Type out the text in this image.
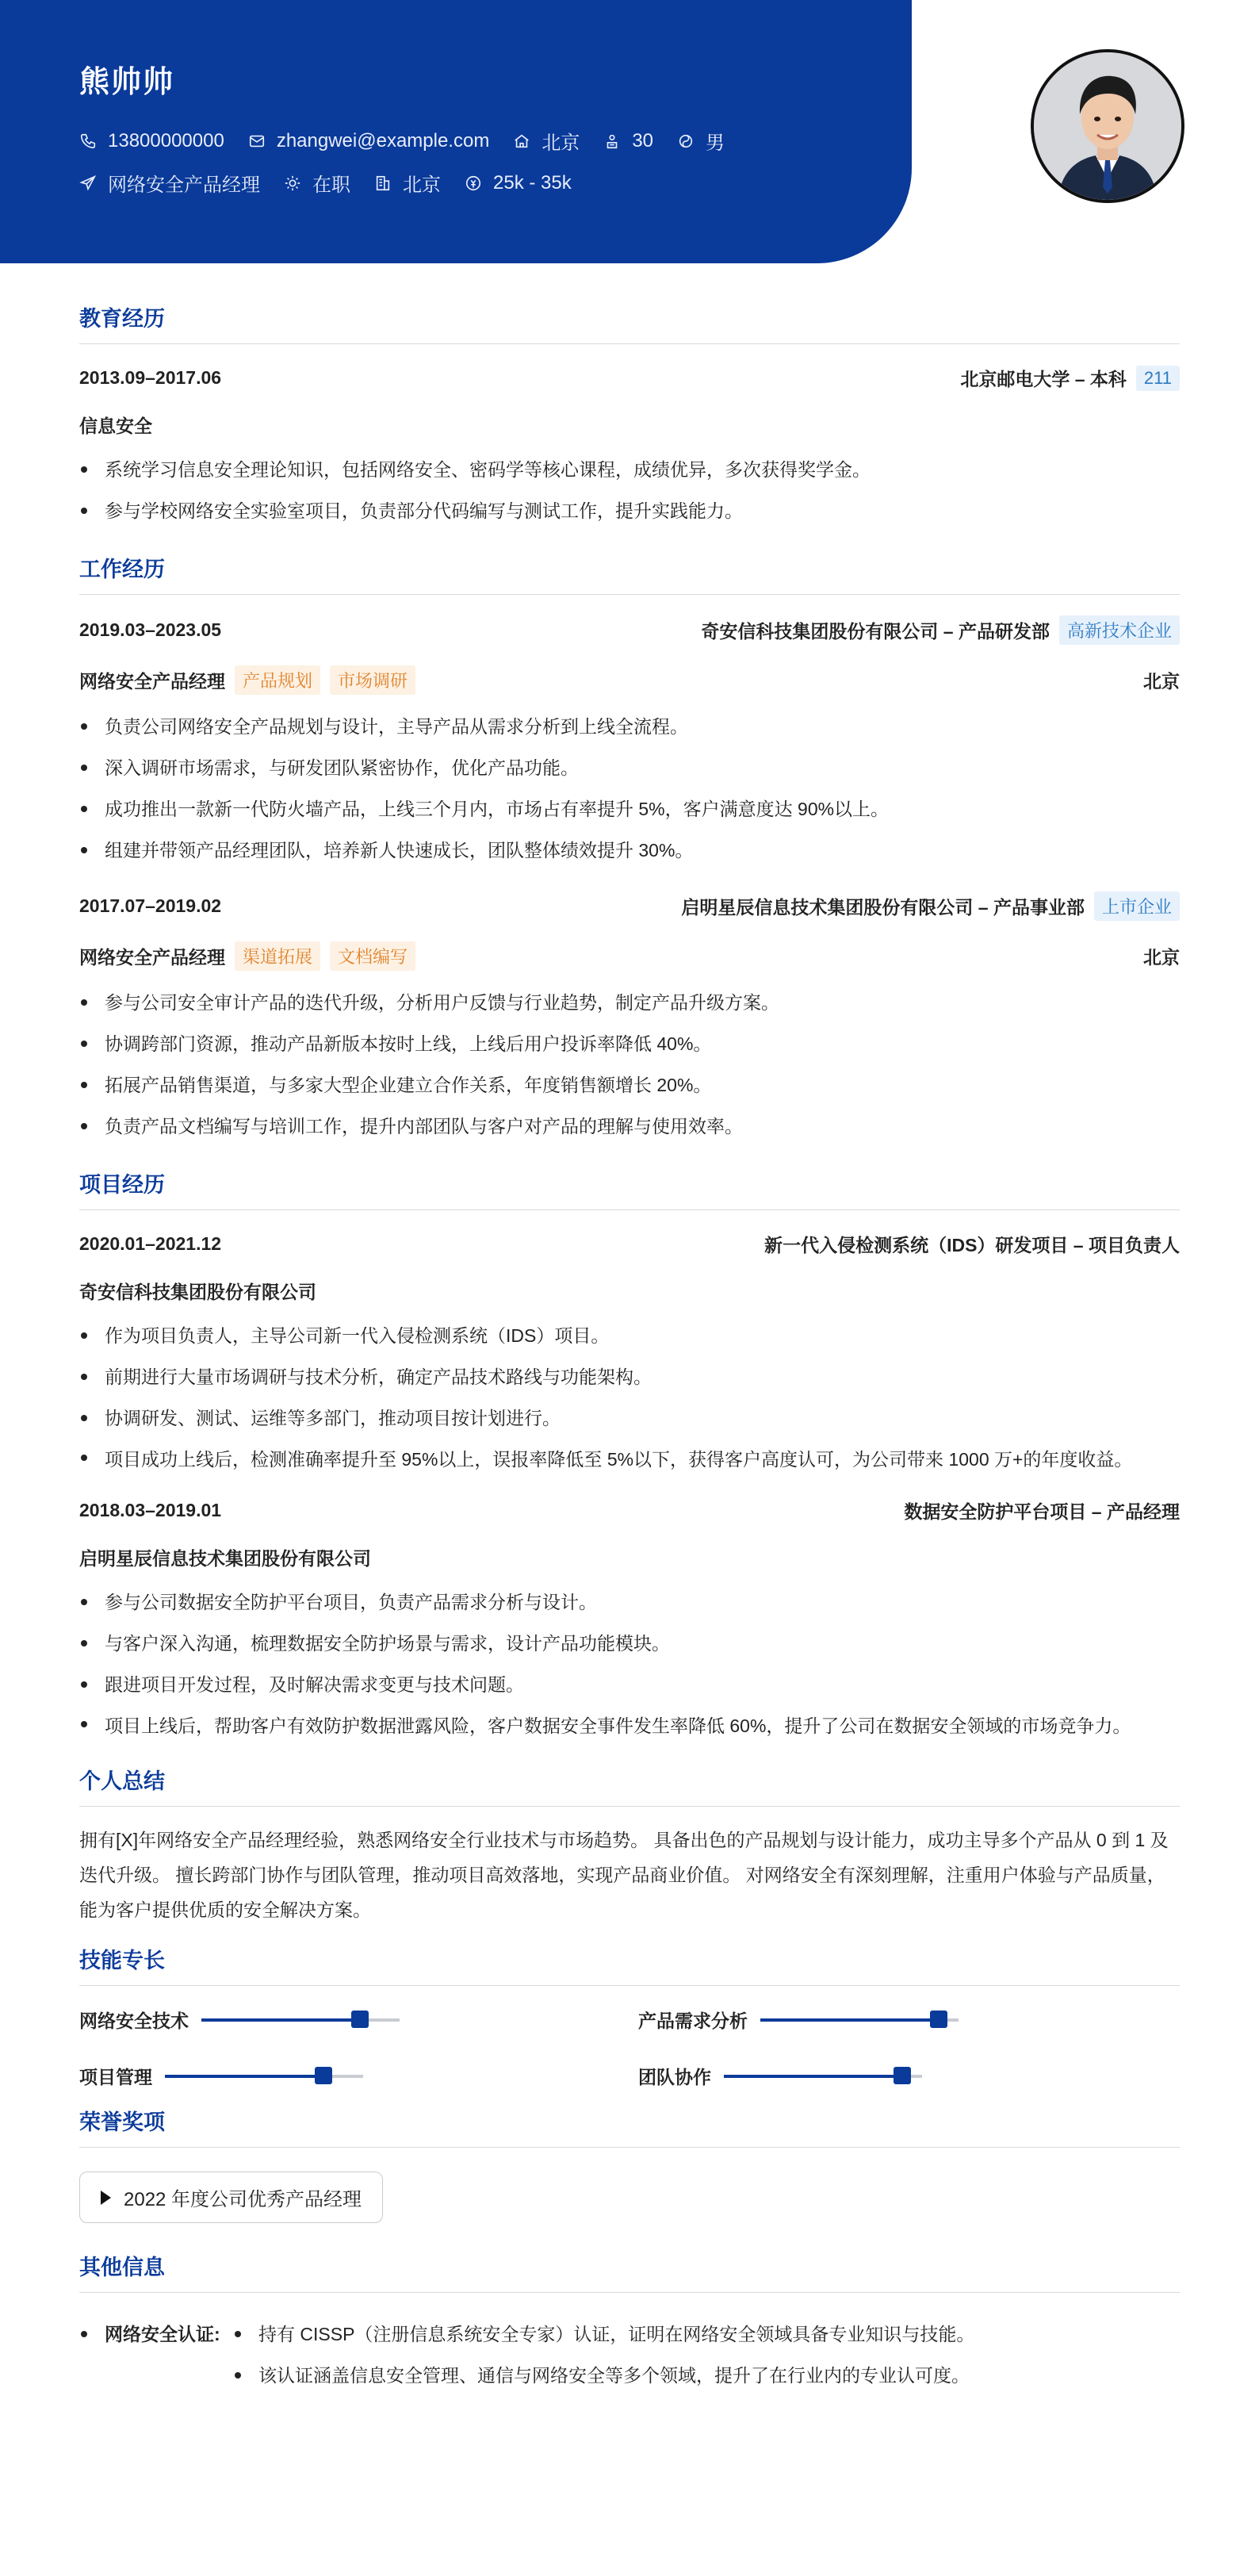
熊帅帅
13800000000	zhangwei@example.com	北京	30	男
网络安全产品经理	在职	北京	25k - 35k
教育经历
2013.09–2017.06	北京邮电大学 – 本科	211
信息安全
系统学习信息安全理论知识，包括网络安全、密码学等核心课程，成绩优异，多次获得奖学金。
参与学校网络安全实验室项目，负责部分代码编写与测试工作，提升实践能力。
工作经历
2019.03–2023.05	奇安信科技集团股份有限公司 – 产品研发部	高新技术企业
网络安全产品经理	产品规划	市场调研	北京
负责公司网络安全产品规划与设计，主导产品从需求分析到上线全流程。
深入调研市场需求，与研发团队紧密协作，优化产品功能。
成功推出一款新一代防火墙产品，上线三个月内，市场占有率提升 5%，客户满意度达 90%以上。
组建并带领产品经理团队，培养新人快速成长，团队整体绩效提升 30%。
2017.07–2019.02	启明星辰信息技术集团股份有限公司 – 产品事业部	上市企业
网络安全产品经理	渠道拓展	文档编写	北京
参与公司安全审计产品的迭代升级，分析用户反馈与行业趋势，制定产品升级方案。
协调跨部门资源，推动产品新版本按时上线，上线后用户投诉率降低 40%。
拓展产品销售渠道，与多家大型企业建立合作关系，年度销售额增长 20%。
负责产品文档编写与培训工作，提升内部团队与客户对产品的理解与使用效率。
项目经历
2020.01–2021.12	新一代入侵检测系统（IDS）研发项目 – 项目负责人
奇安信科技集团股份有限公司
作为项目负责人，主导公司新一代入侵检测系统（IDS）项目。
前期进行大量市场调研与技术分析，确定产品技术路线与功能架构。
协调研发、测试、运维等多部门，推动项目按计划进行。
项目成功上线后，检测准确率提升至 95%以上，误报率降低至 5%以下，获得客户高度认可，为公司带来 1000 万+的年度收益。
2018.03–2019.01	数据安全防护平台项目 – 产品经理
启明星辰信息技术集团股份有限公司
参与公司数据安全防护平台项目，负责产品需求分析与设计。
与客户深入沟通，梳理数据安全防护场景与需求，设计产品功能模块。
跟进项目开发过程，及时解决需求变更与技术问题。
项目上线后，帮助客户有效防护数据泄露风险，客户数据安全事件发生率降低 60%，提升了公司在数据安全领域的市场竞争力。
个人总结
拥有[X]年网络安全产品经理经验，熟悉网络安全行业技术与市场趋势。 具备出色的产品规划与设计能力，成功主导多个产品从 0 到 1 及迭代升级。 擅长跨部门协作与团队管理，推动项目高效落地，实现产品商业价值。 对网络安全有深刻理解，注重用户体验与产品质量，能为客户提供优质的安全解决方案。
技能专长
网络安全技术	产品需求分析
项目管理	团队协作
荣誉奖项
2022 年度公司优秀产品经理
其他信息
网络安全认证:	持有 CISSP（注册信息系统安全专家）认证，证明在网络安全领域具备专业知识与技能。
该认证涵盖信息安全管理、通信与网络安全等多个领域，提升了在行业内的专业认可度。
